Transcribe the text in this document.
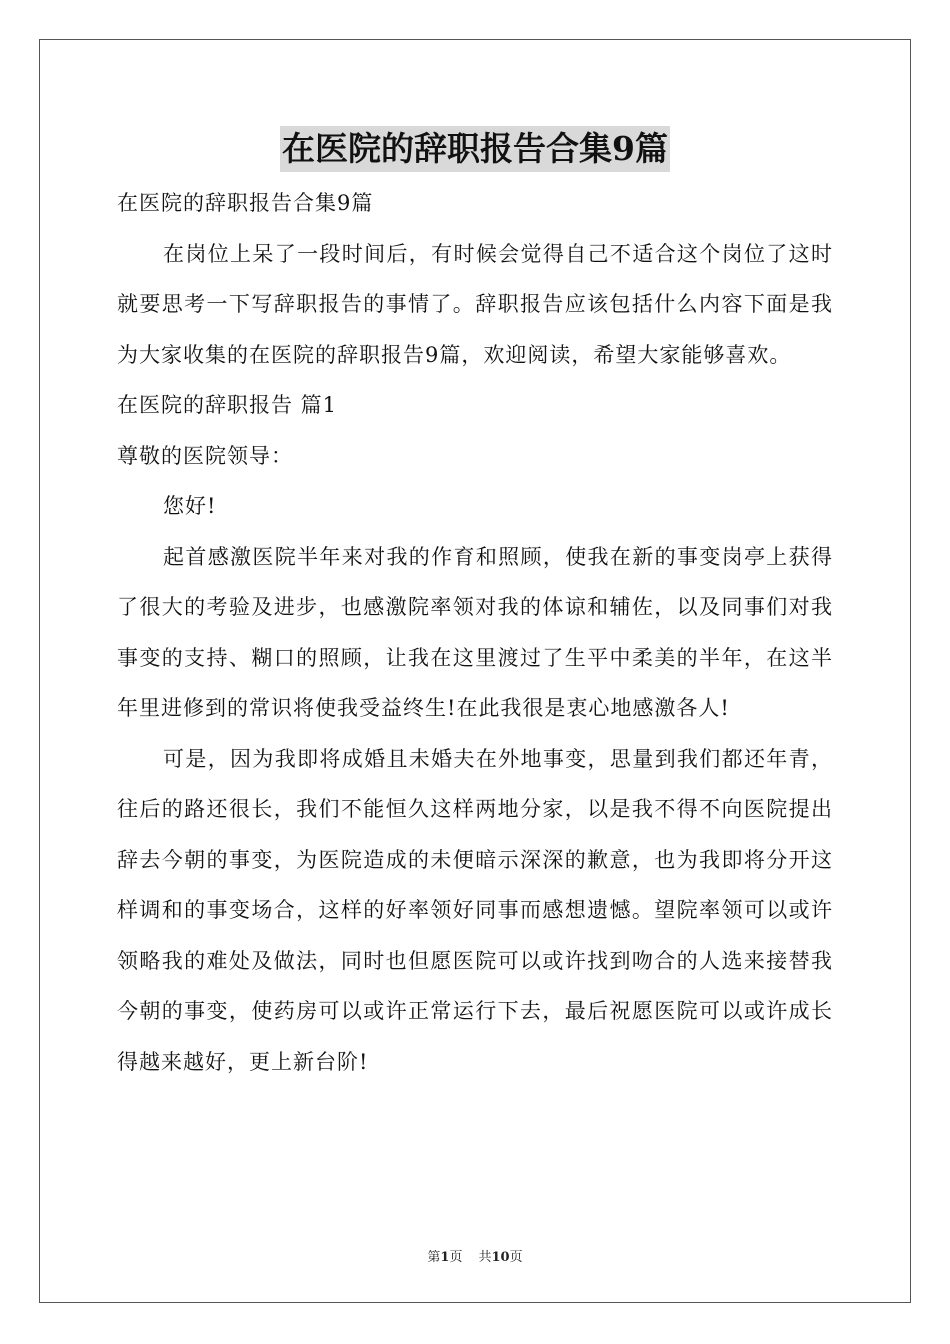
在医院的辞职报告合集9篇

在医院的辞职报告合集9篇

在岗位上呆了一段时间后，有时候会觉得自己不适合这个岗位了这时就要思考一下写辞职报告的事情了。辞职报告应该包括什么内容下面是我为大家收集的在医院的辞职报告9篇，欢迎阅读，希望大家能够喜欢。

在医院的辞职报告 篇1

尊敬的医院领导：

您好!

起首感激医院半年来对我的作育和照顾，使我在新的事变岗亭上获得了很大的考验及进步，也感激院率领对我的体谅和辅佐，以及同事们对我事变的支持、糊口的照顾，让我在这里渡过了生平中柔美的半年，在这半年里进修到的常识将使我受益终生!在此我很是衷心地感激各人!

可是，因为我即将成婚且未婚夫在外地事变，思量到我们都还年青，往后的路还很长，我们不能恒久这样两地分家，以是我不得不向医院提出辞去今朝的事变，为医院造成的未便暗示深深的歉意，也为我即将分开这样调和的事变场合，这样的好率领好同事而感想遗憾。望院率领可以或许领略我的难处及做法，同时也但愿医院可以或许找到吻合的人选来接替我今朝的事变，使药房可以或许正常运行下去，最后祝愿医院可以或许成长得越来越好，更上新台阶!

第1页 共10页
